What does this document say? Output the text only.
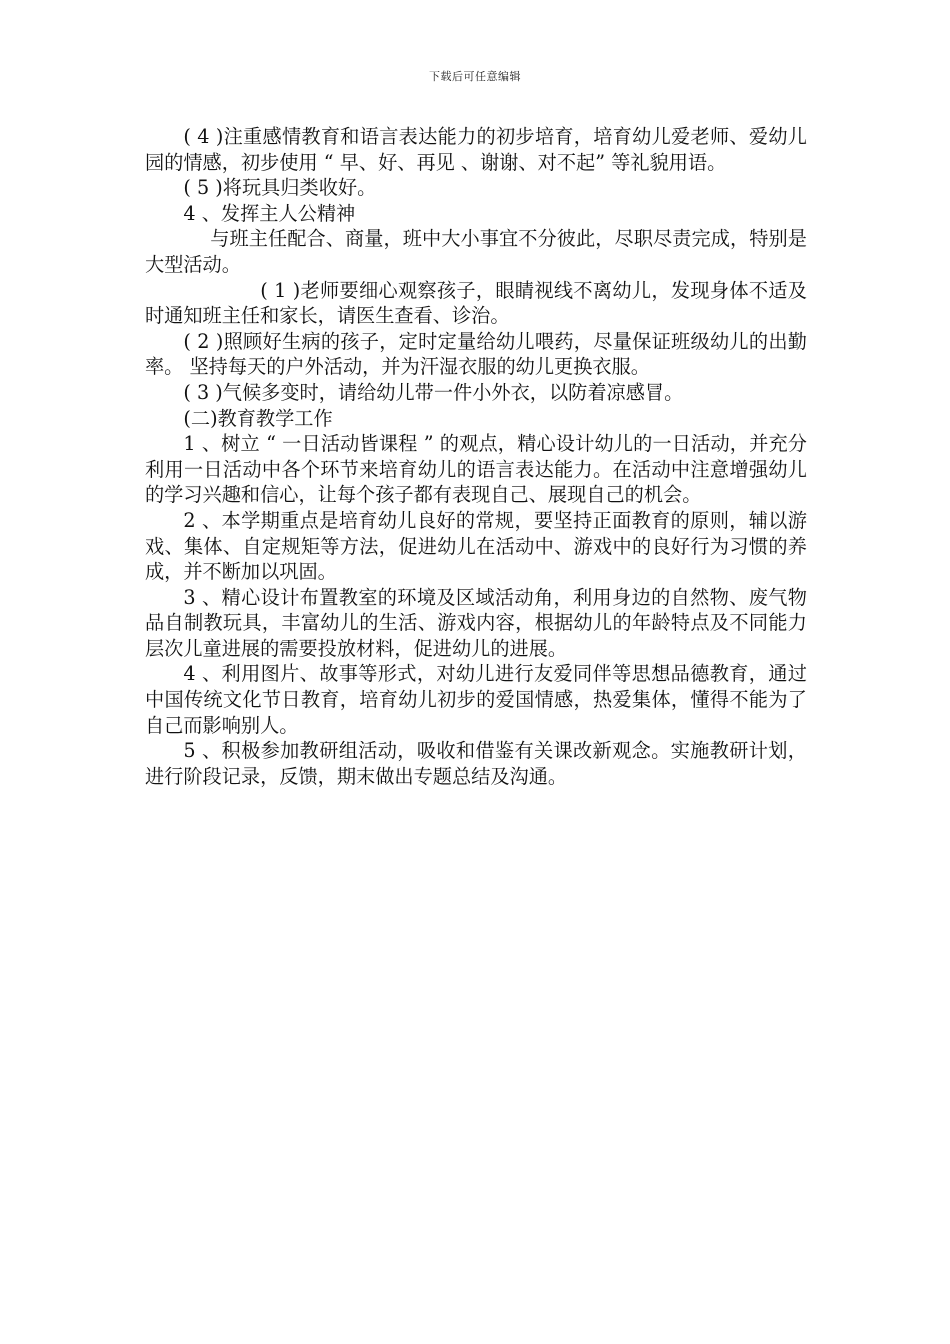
下载后可任意编辑

( 4 )注重感情教育和语言表达能力的初步培育，培育幼儿爱老师、爱幼儿园的情感，初步使用 “ 早、好、再见 、谢谢、对不起” 等礼貌用语。

( 5 )将玩具归类收好。

4 、发挥主人公精神

与班主任配合、商量，班中大小事宜不分彼此，尽职尽责完成，特别是大型活动。

( 1 )老师要细心观察孩子，眼睛视线不离幼儿，发现身体不适及时通知班主任和家长，请医生查看、诊治。

( 2 )照顾好生病的孩子，定时定量给幼儿喂药，尽量保证班级幼儿的出勤率。 坚持每天的户外活动，并为汗湿衣服的幼儿更换衣服。

( 3 )气候多变时，请给幼儿带一件小外衣，以防着凉感冒。

(二)教育教学工作

1 、树立 “ 一日活动皆课程 ” 的观点，精心设计幼儿的一日活动，并充分利用一日活动中各个环节来培育幼儿的语言表达能力。在活动中注意增强幼儿的学习兴趣和信心，让每个孩子都有表现自己、展现自己的机会。

2 、本学期重点是培育幼儿良好的常规，要坚持正面教育的原则，辅以游戏、集体、自定规矩等方法，促进幼儿在活动中、游戏中的良好行为习惯的养成，并不断加以巩固。

3 、精心设计布置教室的环境及区域活动角，利用身边的自然物、废气物品自制教玩具，丰富幼儿的生活、游戏内容，根据幼儿的年龄特点及不同能力层次儿童进展的需要投放材料，促进幼儿的进展。

4 、利用图片、故事等形式，对幼儿进行友爱同伴等思想品德教育，通过中国传统文化节日教育，培育幼儿初步的爱国情感，热爱集体，懂得不能为了自己而影响别人。

5 、积极参加教研组活动，吸收和借鉴有关课改新观念。实施教研计划，进行阶段记录，反馈，期末做出专题总结及沟通。
